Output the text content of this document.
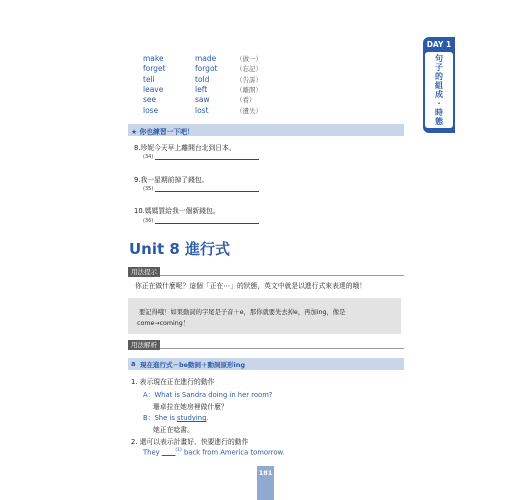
DAY 1
句
子
的
組
成
·
時
態
make	made	（做一）
forget	forgot	（忘記）
tell	told	（告訴）
leave	left	（離開）
see	saw	（看）
lose	lost	（遺失）
★ 你也練習一下吧！
8.珍妮今天早上離開台北到日本。
(34)
9.我一星期前掉了錢包。
(35)
10.媽媽買給我一個新錢包。
(36)
Unit 8 進行式
用法提示
你正在做什麼呢？這個「正在⋯」的狀態，英文中就是以進行式來表達的哦！
要記得哦！如果動詞的字尾是子音＋e，那你就要先去掉e，再加ing，像是
come→coming！
用法解析
a 現在進行式－be動詞＋動詞原形ing
1. 表示現在正在進行的動作
A：What is Sandra doing in her room?
珊卓拉在她房裡做什麼？
B：She is studying.
她正在唸書。
2. 還可以表示計畫好、快要進行的動作
They ____$^{(1)}$ back from America tomorrow.
181
